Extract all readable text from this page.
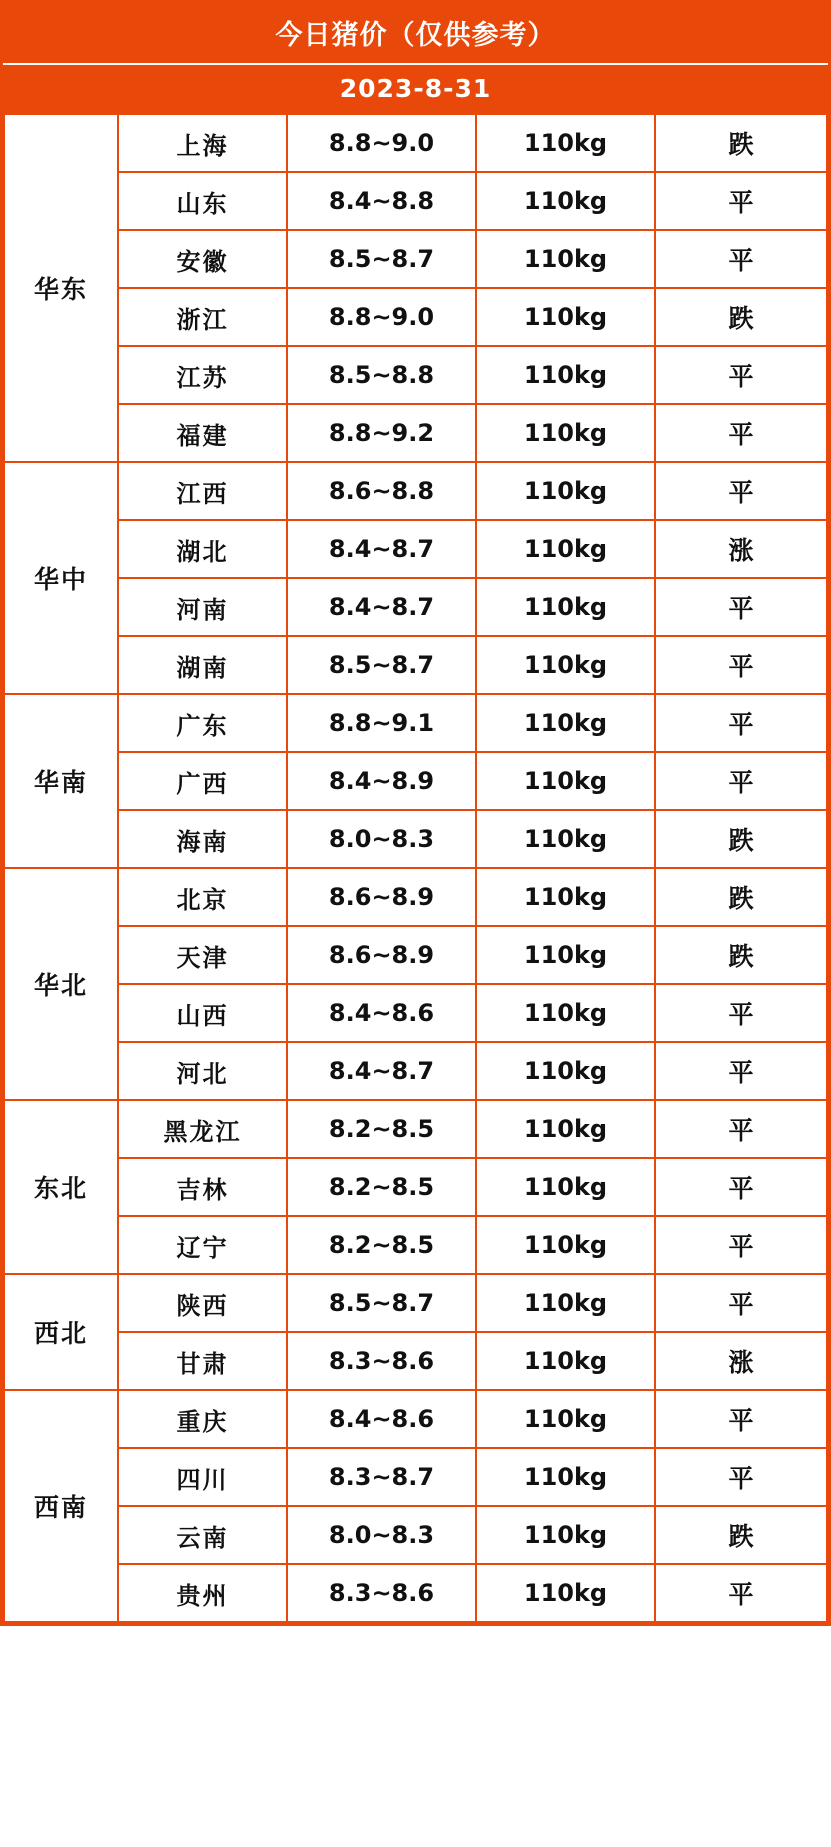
今日猪价（仅供参考）
2023-8-31
华东	上海	8.8~9.0	110kg	跌
	山东	8.4~8.8	110kg	平
	安徽	8.5~8.7	110kg	平
	浙江	8.8~9.0	110kg	跌
	江苏	8.5~8.8	110kg	平
	福建	8.8~9.2	110kg	平
华中	江西	8.6~8.8	110kg	平
	湖北	8.4~8.7	110kg	涨
	河南	8.4~8.7	110kg	平
	湖南	8.5~8.7	110kg	平
华南	广东	8.8~9.1	110kg	平
	广西	8.4~8.9	110kg	平
	海南	8.0~8.3	110kg	跌
华北	北京	8.6~8.9	110kg	跌
	天津	8.6~8.9	110kg	跌
	山西	8.4~8.6	110kg	平
	河北	8.4~8.7	110kg	平
东北	黑龙江	8.2~8.5	110kg	平
	吉林	8.2~8.5	110kg	平
	辽宁	8.2~8.5	110kg	平
西北	陕西	8.5~8.7	110kg	平
	甘肃	8.3~8.6	110kg	涨
西南	重庆	8.4~8.6	110kg	平
	四川	8.3~8.7	110kg	平
	云南	8.0~8.3	110kg	跌
	贵州	8.3~8.6	110kg	平
